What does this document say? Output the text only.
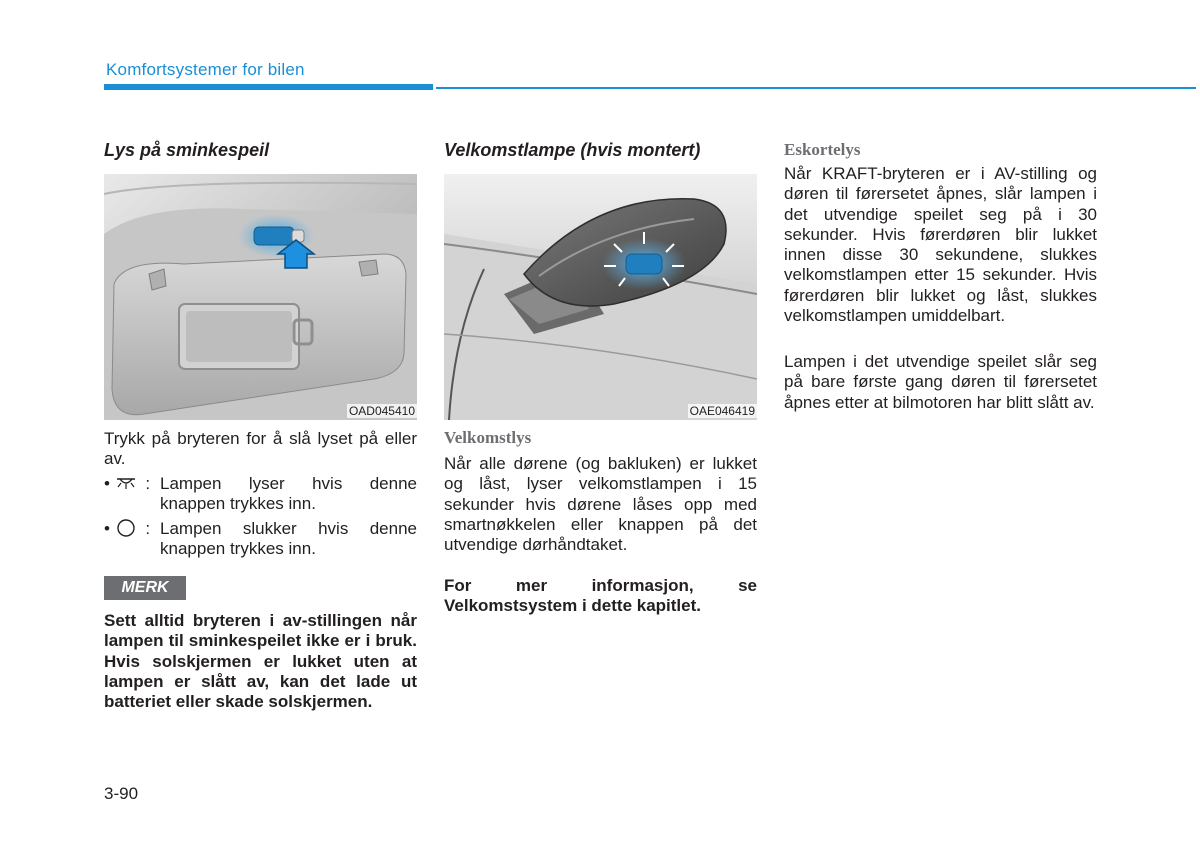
Komfortsystemer for bilen
Lys på sminkespeil
OAD045410
Trykk på bryteren for å slå lyset på eller av.
•  : Lampen lyser hvis denne knappen trykkes inn.
•  : Lampen slukker hvis denne knappen trykkes inn.
MERK
Sett alltid bryteren i av-stillingen når lampen til sminkespeilet ikke er i bruk. Hvis solskjermen er lukket uten at lampen er slått av, kan det lade ut batteriet eller skade solskjermen.
Velkomstlampe (hvis montert)
OAE046419
Velkomstlys
Når alle dørene (og bakluken) er lukket og låst, lyser velkomstlampen i 15 sekunder hvis dørene låses opp med smartnøkkelen eller knappen på det utvendige dørhåndtaket.
For mer informasjon, se Velkomstsystem i dette kapitlet.
Eskortelys
Når KRAFT-bryteren er i AV-stilling og døren til førersetet åpnes, slår lampen i det utvendige speilet seg på i 30 sekunder. Hvis førerdøren blir lukket innen disse 30 sekundene, slukkes velkomstlampen etter 15 sekunder. Hvis førerdøren blir lukket og låst, slukkes velkomstlampen umiddelbart.
Lampen i det utvendige speilet slår seg på bare første gang døren til førersetet åpnes etter at bilmotoren har blitt slått av.
3-90
